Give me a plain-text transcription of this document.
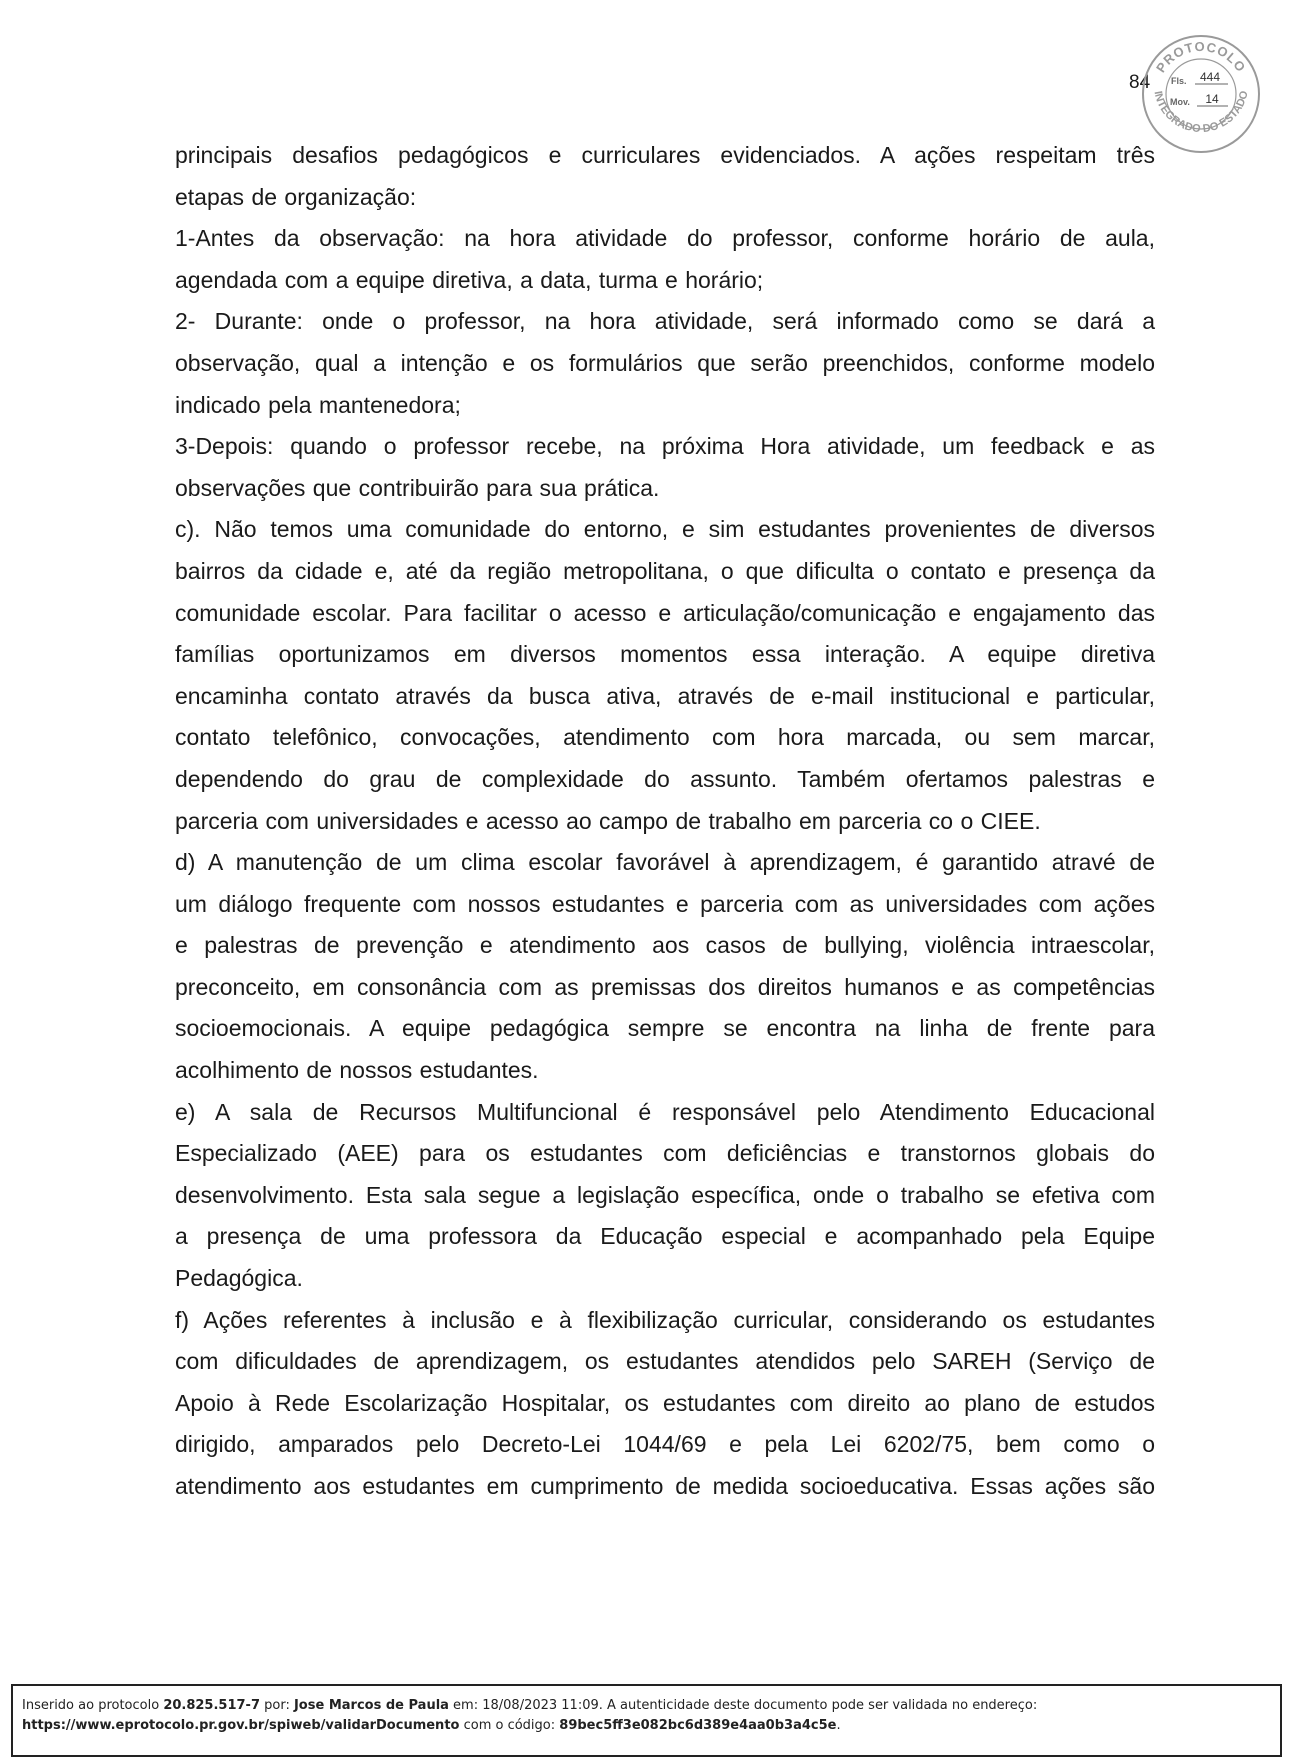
84
PROTOCOLO
INTEGRADO DO ESTADO
Fls. 444
Mov. 14

principais desafios pedagógicos e curriculares evidenciados. A ações respeitam três

etapas de organização:

1-Antes da observação: na hora atividade do professor, conforme horário de aula,

agendada com a equipe diretiva, a data, turma e horário;

2- Durante: onde o professor, na hora atividade, será informado como se dará a

observação, qual a intenção e os formulários que serão preenchidos, conforme modelo

indicado pela mantenedora;

3-Depois: quando o professor recebe, na próxima Hora atividade, um feedback e as

observações que contribuirão para sua prática.

c). Não temos uma comunidade do entorno, e sim estudantes provenientes de diversos

bairros da cidade e, até da região metropolitana, o que dificulta o contato e presença da

comunidade escolar. Para facilitar o acesso e articulação/comunicação e engajamento das

famílias oportunizamos em diversos momentos essa interação. A equipe diretiva

encaminha contato através da busca ativa, através de e-mail institucional e particular,

contato telefônico, convocações, atendimento com hora marcada, ou sem marcar,

dependendo do grau de complexidade do assunto. Também ofertamos palestras e

parceria com universidades e acesso ao campo de trabalho em parceria co o CIEE.

d) A manutenção de um clima escolar favorável à aprendizagem, é garantido atravé de

um diálogo frequente com nossos estudantes e parceria com as universidades com ações

e palestras de prevenção e atendimento aos casos de bullying, violência intraescolar,

preconceito, em consonância com as premissas dos direitos humanos e as competências

socioemocionais. A equipe pedagógica sempre se encontra na linha de frente para

acolhimento de nossos estudantes.

e) A sala de Recursos Multifuncional é responsável pelo Atendimento Educacional

Especializado (AEE) para os estudantes com deficiências e transtornos globais do

desenvolvimento. Esta sala segue a legislação específica, onde o trabalho se efetiva com

a presença de uma professora da Educação especial e acompanhado pela Equipe

Pedagógica.

f) Ações referentes à inclusão e à flexibilização curricular, considerando os estudantes

com dificuldades de aprendizagem, os estudantes atendidos pelo SAREH (Serviço de

Apoio à Rede Escolarização Hospitalar, os estudantes com direito ao plano de estudos

dirigido, amparados pelo Decreto-Lei 1044/69 e pela Lei 6202/75, bem como o

atendimento aos estudantes em cumprimento de medida socioeducativa. Essas ações são

Inserido ao protocolo 20.825.517-7 por: Jose Marcos de Paula em: 18/08/2023 11:09. A autenticidade deste documento pode ser validada no endereço:
https://www.eprotocolo.pr.gov.br/spiweb/validarDocumento com o código: 89bec5ff3e082bc6d389e4aa0b3a4c5e.
